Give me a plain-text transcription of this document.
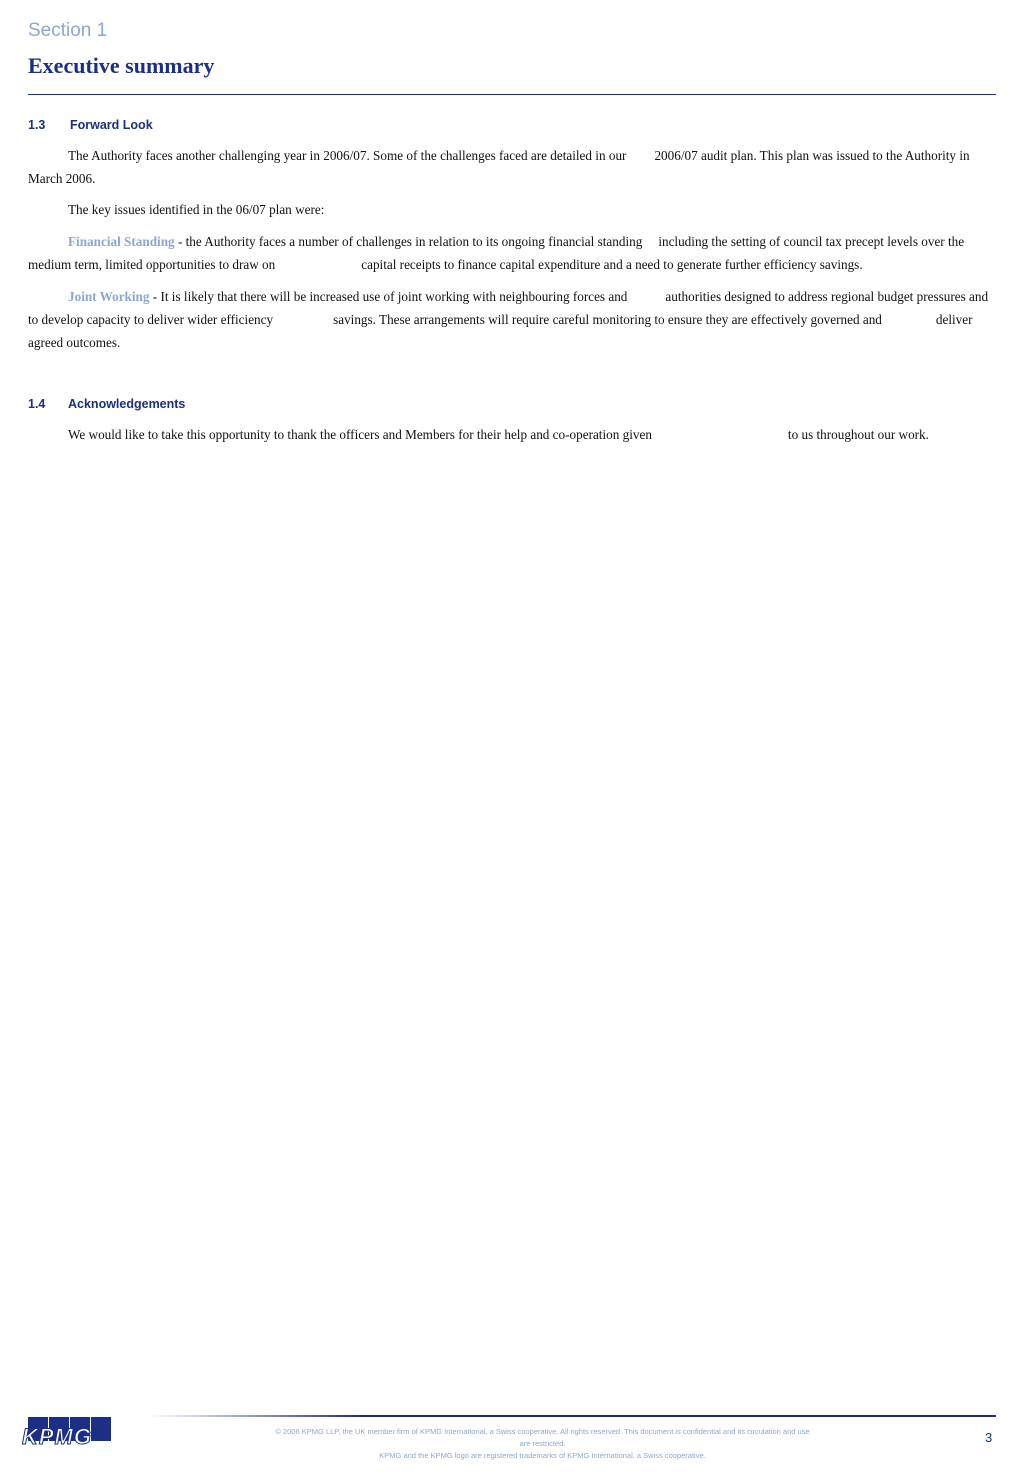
Section 1
Executive summary
1.3 Forward Look

The Authority faces another challenging year in 2006/07. Some of the challenges faced are detailed in our 2006/07 audit plan. This plan was issued to the Authority in March 2006.

The key issues identified in the 06/07 plan were:

Financial Standing - the Authority faces a number of challenges in relation to its ongoing financial standing including the setting of council tax precept levels over the medium term, limited opportunities to draw on	capital receipts to finance capital expenditure and a need to generate further efficiency savings.

Joint Working - It is likely that there will be increased use of joint working with neighbouring forces and	authorities designed to address regional budget pressures and to develop capacity to deliver wider efficiency	savings. These arrangements will require careful monitoring to ensure they are effectively governed and	deliver agreed outcomes.

1.4 Acknowledgements

We would like to take this opportunity to thank the officers and Members for their help and co-operation given	to us throughout our work.

KPMG	© 2006 KPMG LLP, the UK member firm of KPMG International, a Swiss cooperative. All rights reserved. This document is confidential and its circulation and use
are restricted.
KPMG and the KPMG logo are registered trademarks of KPMG International, a Swiss cooperative.
3
